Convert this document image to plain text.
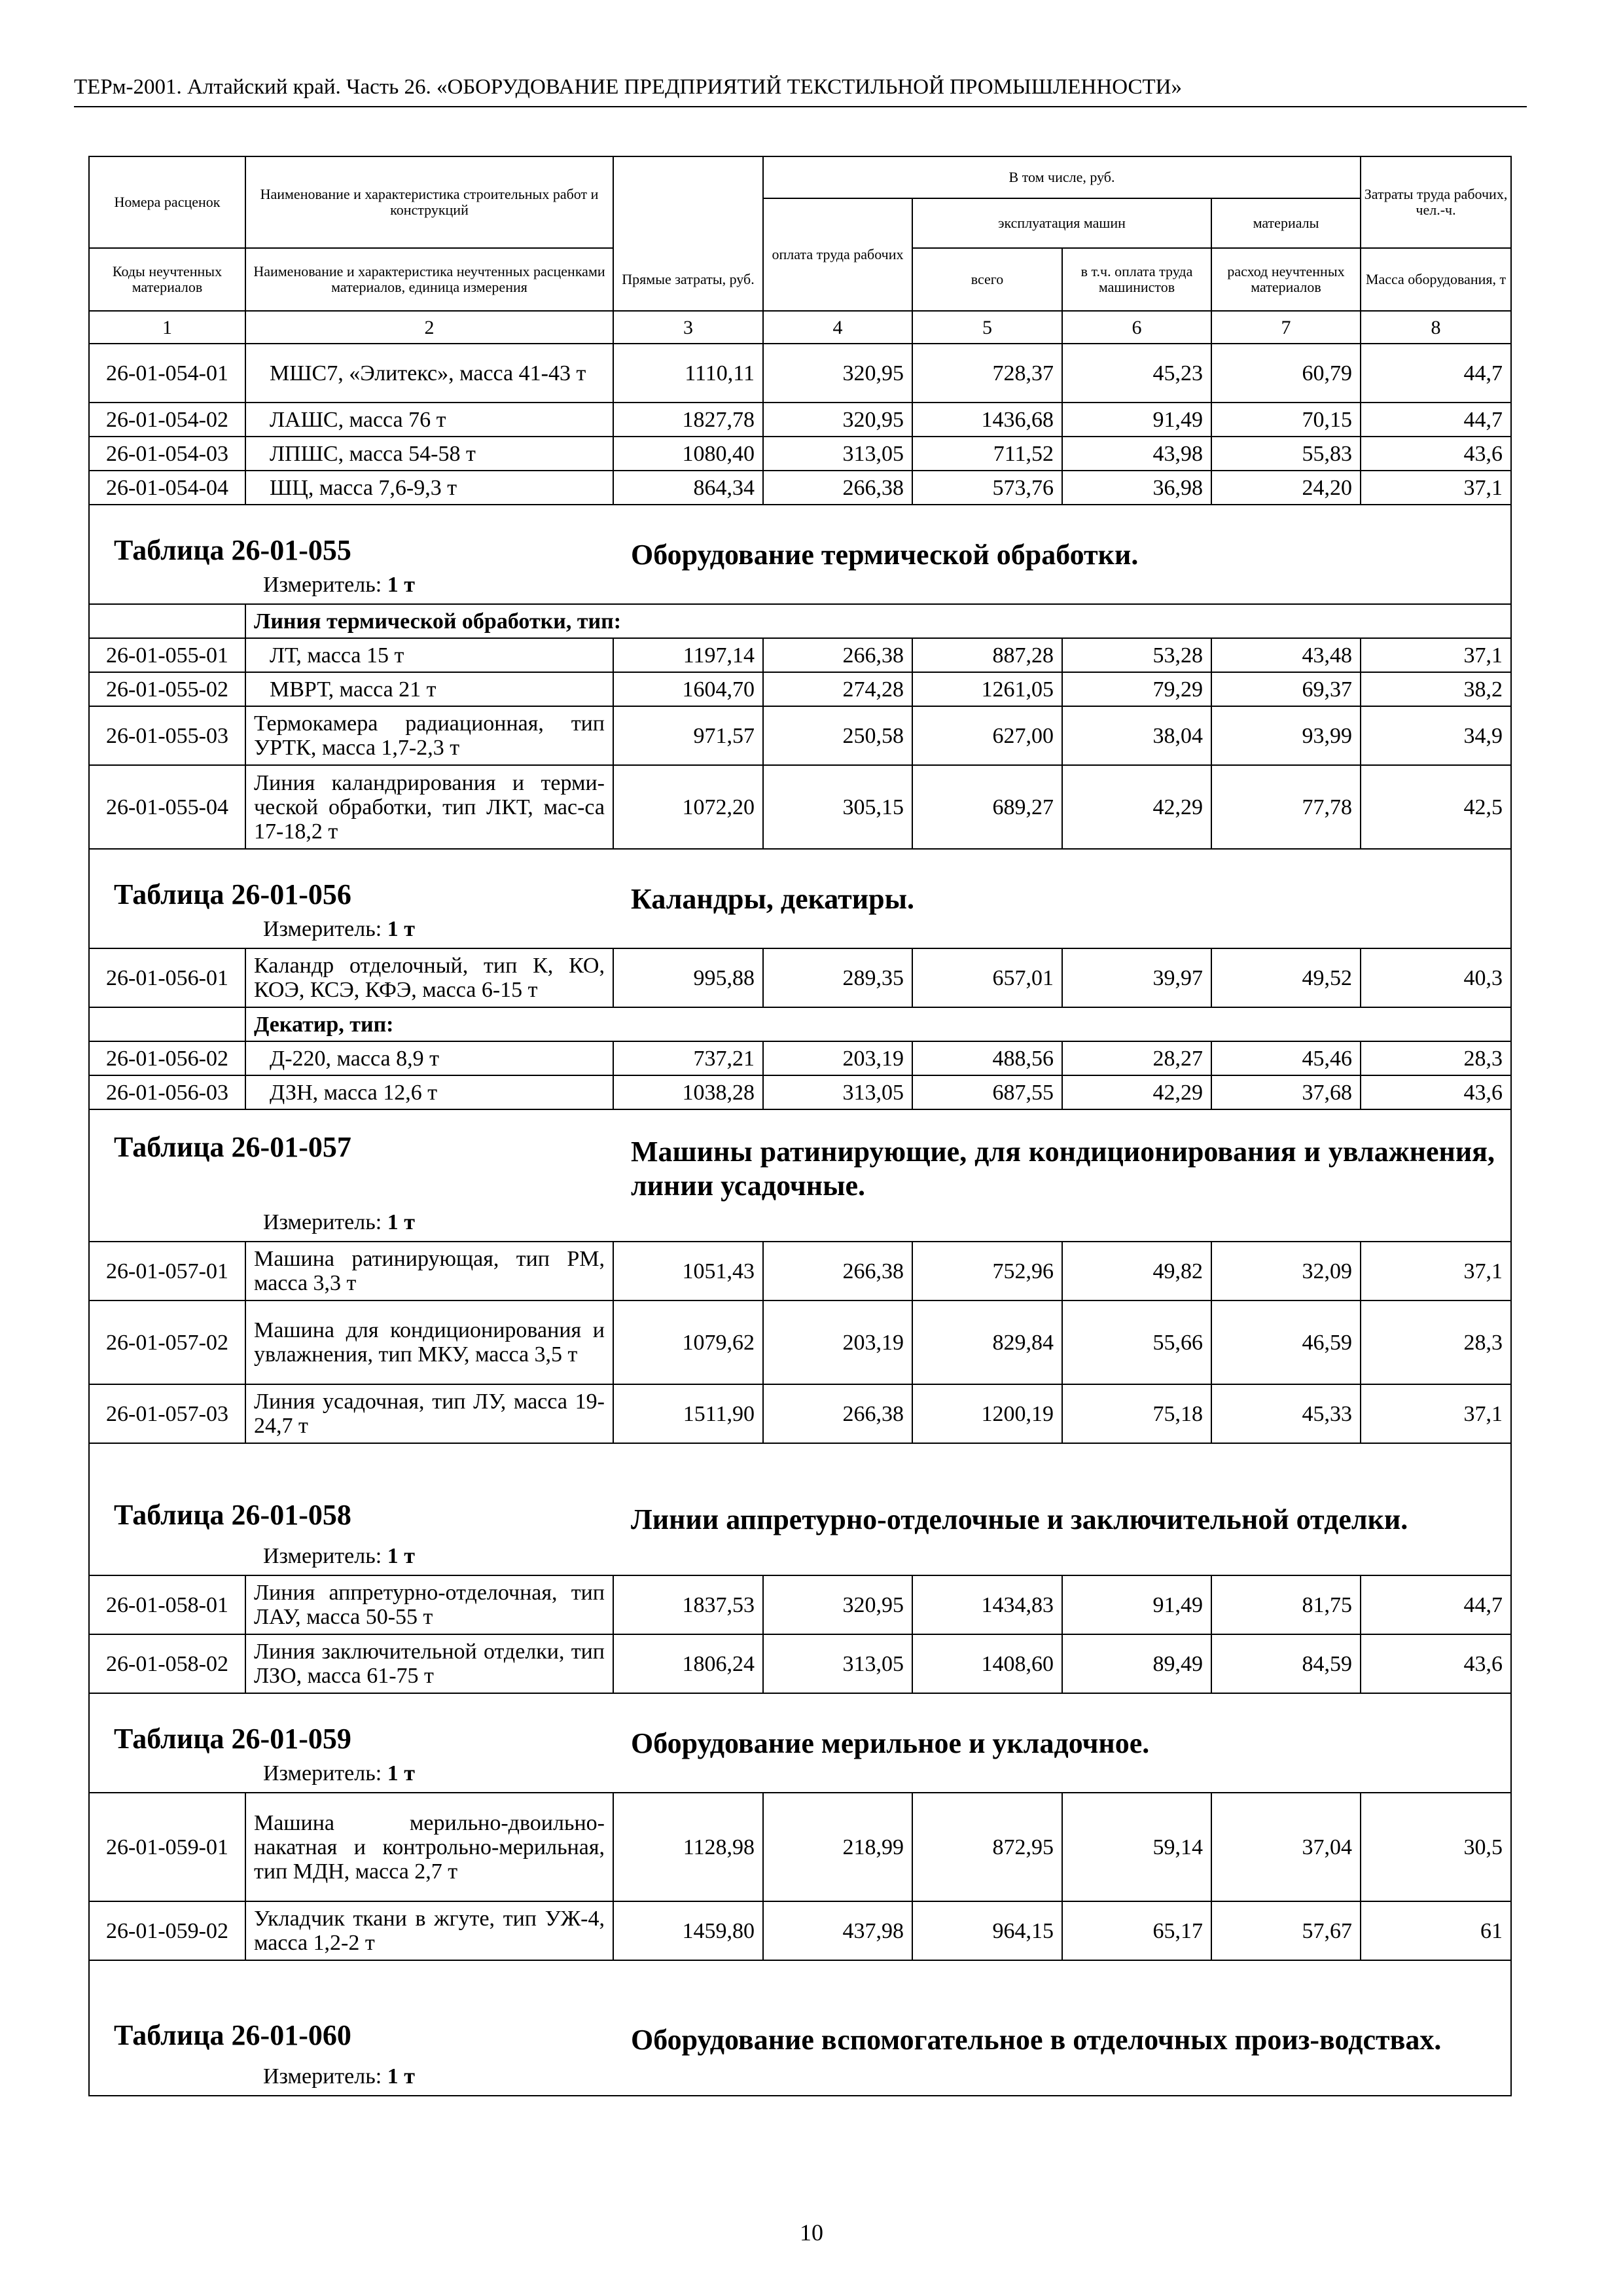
ТЕРм-2001. Алтайский край. Часть 26. «ОБОРУДОВАНИЕ ПРЕДПРИЯТИЙ ТЕКСТИЛЬНОЙ ПРОМЫШЛЕННОСТИ»
Номера расценок	Наименование и характеристика строительных работ и конструкций		В том числе, руб.				Затраты труда рабочих, чел.-ч.
			оплата труда рабочих	эксплуатация машин		материалы	
Коды неучтенных материалов	Наименование и характеристика неучтенных расценками материалов, единица измерения	Прямые затраты, руб.		всего	в т.ч. оплата труда машинистов	расход неучтенных материалов	Масса оборудования, т
1	2	3	4	5	6	7	8
26-01-054-01	МШС7, «Элитекс», масса 41-43 т	1110,11	320,95	728,37	45,23	60,79	44,7
26-01-054-02	ЛАШС, масса 76 т	1827,78	320,95	1436,68	91,49	70,15	44,7
26-01-054-03	ЛПШС, масса 54-58 т	1080,40	313,05	711,52	43,98	55,83	43,6
26-01-054-04	ШЦ, масса 7,6-9,3 т	864,34	266,38	573,76	36,98	24,20	37,1

Таблица 26-01-055 Оборудование термической обработки.
Измеритель: 1 т							

	Линия термической обработки, тип:						
26-01-055-01	ЛТ, масса 15 т	1197,14	266,38	887,28	53,28	43,48	37,1
26-01-055-02	МВРТ, масса 21 т	1604,70	274,28	1261,05	79,29	69,37	38,2
26-01-055-03	Термокамера радиационная, тип УРТК, масса 1,7-2,3 т	971,57	250,58	627,00	38,04	93,99	34,9
26-01-055-04	Линия каландрирования и терми-ческой обработки, тип ЛКТ, мас-са 17-18,2 т	1072,20	305,15	689,27	42,29	77,78	42,5

Таблица 26-01-056 Каландры, декатиры.
Измеритель: 1 т							

26-01-056-01	Каландр отделочный, тип К, КО, КОЭ, КСЭ, КФЭ, масса 6-15 т	995,88	289,35	657,01	39,97	49,52	40,3
	Декатир, тип:						
26-01-056-02	Д-220, масса 8,9 т	737,21	203,19	488,56	28,27	45,46	28,3
26-01-056-03	ДЗН, масса 12,6 т	1038,28	313,05	687,55	42,29	37,68	43,6

Таблица 26-01-057 Машины ратинирующие, для кондиционирования и увлажнения, линии усадочные.
Измеритель: 1 т							

26-01-057-01	Машина ратинирующая, тип РМ, масса 3,3 т	1051,43	266,38	752,96	49,82	32,09	37,1
26-01-057-02	Машина для кондиционирования и увлажнения, тип МКУ, масса 3,5 т	1079,62	203,19	829,84	55,66	46,59	28,3
26-01-057-03	Линия усадочная, тип ЛУ, масса 19-24,7 т	1511,90	266,38	1200,19	75,18	45,33	37,1

Таблица 26-01-058 Линии аппретурно-отделочные и заключительной отделки.
Измеритель: 1 т							

26-01-058-01	Линия аппретурно-отделочная, тип ЛАУ, масса 50-55 т	1837,53	320,95	1434,83	91,49	81,75	44,7
26-01-058-02	Линия заключительной отделки, тип ЛЗО, масса 61-75 т	1806,24	313,05	1408,60	89,49	84,59	43,6

Таблица 26-01-059 Оборудование мерильное и укладочное.
Измеритель: 1 т							

26-01-059-01	Машина мерильно-двоильно-накатная и контрольно-мерильная, тип МДН, масса 2,7 т	1128,98	218,99	872,95	59,14	37,04	30,5
26-01-059-02	Укладчик ткани в жгуте, тип УЖ-4, масса 1,2-2 т	1459,80	437,98	964,15	65,17	57,67	61

Таблица 26-01-060 Оборудование вспомогательное в отделочных произ-водствах.
Измеритель: 1 т							
10
